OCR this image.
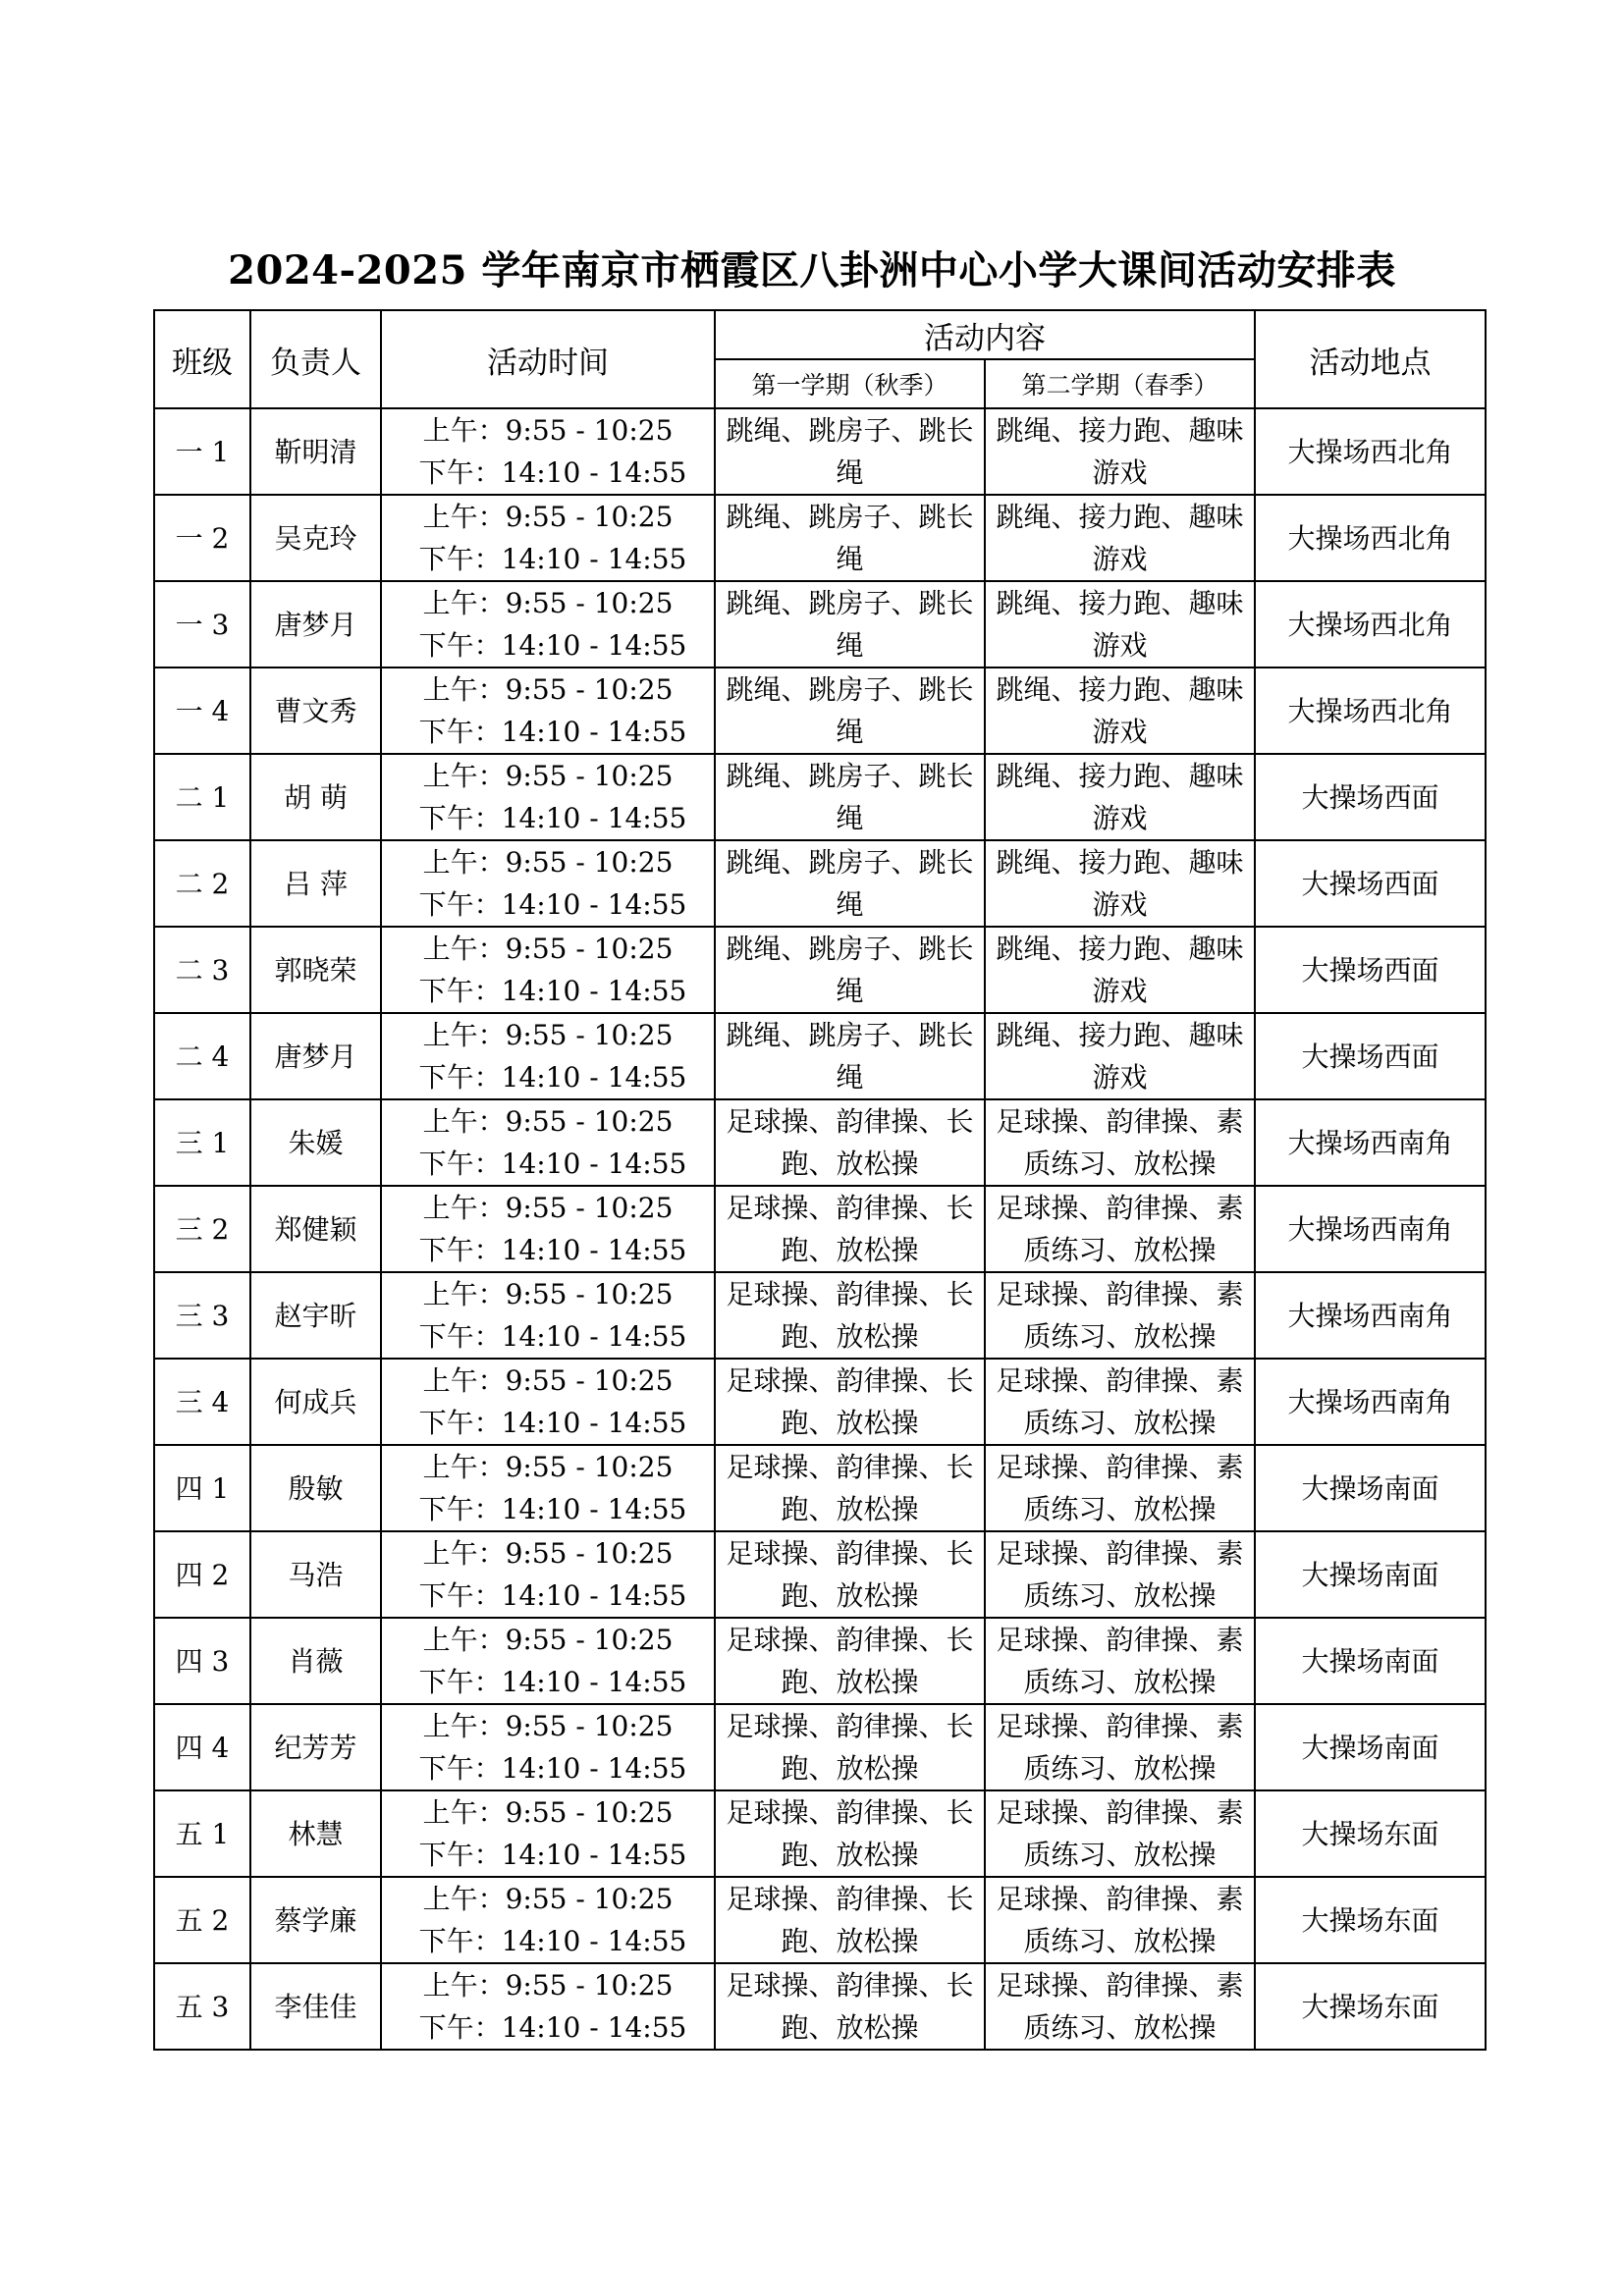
2024-2025 学年南京市栖霞区八卦洲中心小学大课间活动安排表
班级	负责人	活动时间	活动内容		活动地点
			第一学期（秋季）	第二学期（春季）	
一 1	靳明清	上午：9:55 - 10:25
下午：14:10 - 14:55	跳绳、跳房子、跳长绳	跳绳、接力跑、趣味游戏	大操场西北角
一 2	吴克玲	上午：9:55 - 10:25
下午：14:10 - 14:55	跳绳、跳房子、跳长绳	跳绳、接力跑、趣味游戏	大操场西北角
一 3	唐梦月	上午：9:55 - 10:25
下午：14:10 - 14:55	跳绳、跳房子、跳长绳	跳绳、接力跑、趣味游戏	大操场西北角
一 4	曹文秀	上午：9:55 - 10:25
下午：14:10 - 14:55	跳绳、跳房子、跳长绳	跳绳、接力跑、趣味游戏	大操场西北角
二 1	胡 萌	上午：9:55 - 10:25
下午：14:10 - 14:55	跳绳、跳房子、跳长绳	跳绳、接力跑、趣味游戏	大操场西面
二 2	吕 萍	上午：9:55 - 10:25
下午：14:10 - 14:55	跳绳、跳房子、跳长绳	跳绳、接力跑、趣味游戏	大操场西面
二 3	郭晓荣	上午：9:55 - 10:25
下午：14:10 - 14:55	跳绳、跳房子、跳长绳	跳绳、接力跑、趣味游戏	大操场西面
二 4	唐梦月	上午：9:55 - 10:25
下午：14:10 - 14:55	跳绳、跳房子、跳长绳	跳绳、接力跑、趣味游戏	大操场西面
三 1	朱媛	上午：9:55 - 10:25
下午：14:10 - 14:55	足球操、韵律操、长跑、放松操	足球操、韵律操、素质练习、放松操	大操场西南角
三 2	郑健颖	上午：9:55 - 10:25
下午：14:10 - 14:55	足球操、韵律操、长跑、放松操	足球操、韵律操、素质练习、放松操	大操场西南角
三 3	赵宇昕	上午：9:55 - 10:25
下午：14:10 - 14:55	足球操、韵律操、长跑、放松操	足球操、韵律操、素质练习、放松操	大操场西南角
三 4	何成兵	上午：9:55 - 10:25
下午：14:10 - 14:55	足球操、韵律操、长跑、放松操	足球操、韵律操、素质练习、放松操	大操场西南角
四 1	殷敏	上午：9:55 - 10:25
下午：14:10 - 14:55	足球操、韵律操、长跑、放松操	足球操、韵律操、素质练习、放松操	大操场南面
四 2	马浩	上午：9:55 - 10:25
下午：14:10 - 14:55	足球操、韵律操、长跑、放松操	足球操、韵律操、素质练习、放松操	大操场南面
四 3	肖薇	上午：9:55 - 10:25
下午：14:10 - 14:55	足球操、韵律操、长跑、放松操	足球操、韵律操、素质练习、放松操	大操场南面
四 4	纪芳芳	上午：9:55 - 10:25
下午：14:10 - 14:55	足球操、韵律操、长跑、放松操	足球操、韵律操、素质练习、放松操	大操场南面
五 1	林慧	上午：9:55 - 10:25
下午：14:10 - 14:55	足球操、韵律操、长跑、放松操	足球操、韵律操、素质练习、放松操	大操场东面
五 2	蔡学廉	上午：9:55 - 10:25
下午：14:10 - 14:55	足球操、韵律操、长跑、放松操	足球操、韵律操、素质练习、放松操	大操场东面
五 3	李佳佳	上午：9:55 - 10:25
下午：14:10 - 14:55	足球操、韵律操、长跑、放松操	足球操、韵律操、素质练习、放松操	大操场东面
